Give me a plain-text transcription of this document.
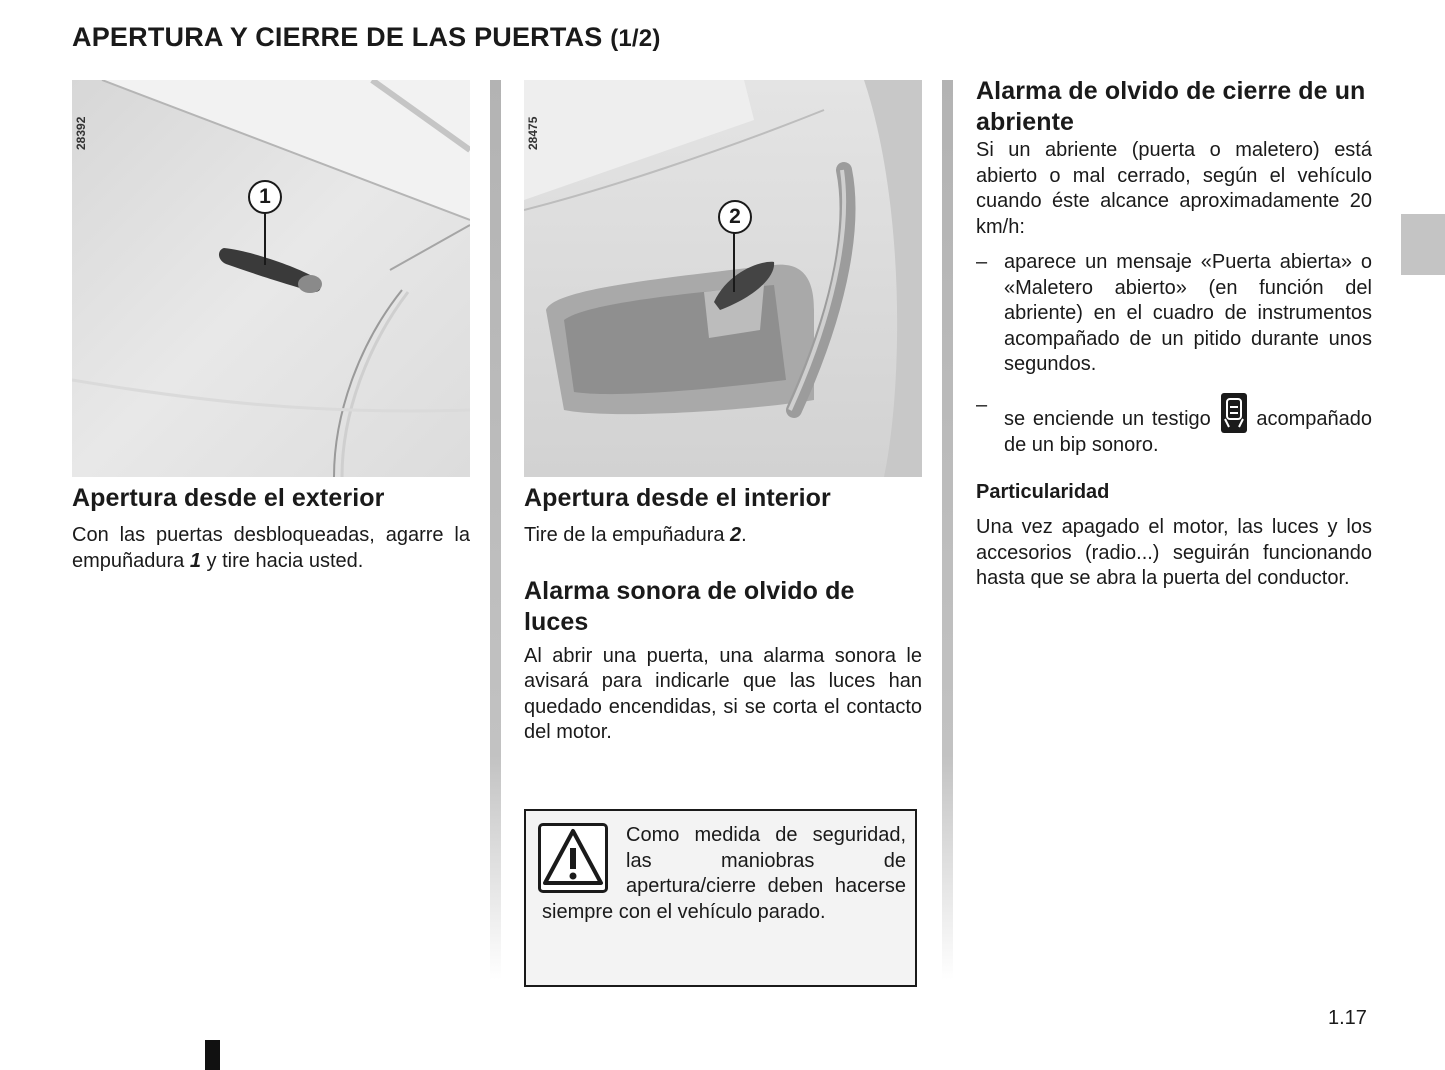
APERTURA Y CIERRE DE LAS PUERTAS (1/2)
28392
1
28475
2
Apertura desde el exterior

Con las puertas desbloqueadas, agarre la empuñadura 1 y tire hacia usted.

Apertura desde el interior

Tire de la empuñadura 2.

Alarma sonora de olvido de luces

Al abrir una puerta, una alarma sonora le avisará para indicarle que las luces han quedado encendidas, si se corta el contacto del motor.

Como medida de seguridad, las maniobras de apertura/cierre deben hacerse siempre con el vehículo parado.
Alarma de olvido de cierre de un abriente

Si un abriente (puerta o maletero) está abierto o mal cerrado, según el vehículo cuando éste alcance aproximadamente 20 km/h:

– aparece un mensaje «Puerta abierta» o «Maletero abierto» (en función del abriente) en el cuadro de instrumentos acompañado de un pitido durante unos segundos.
–
se enciende un testigo acompañado de un bip sonoro.
Particularidad

Una vez apagado el motor, las luces y los accesorios (radio...) seguirán funcionando hasta que se abra la puerta del conductor.

1.17
